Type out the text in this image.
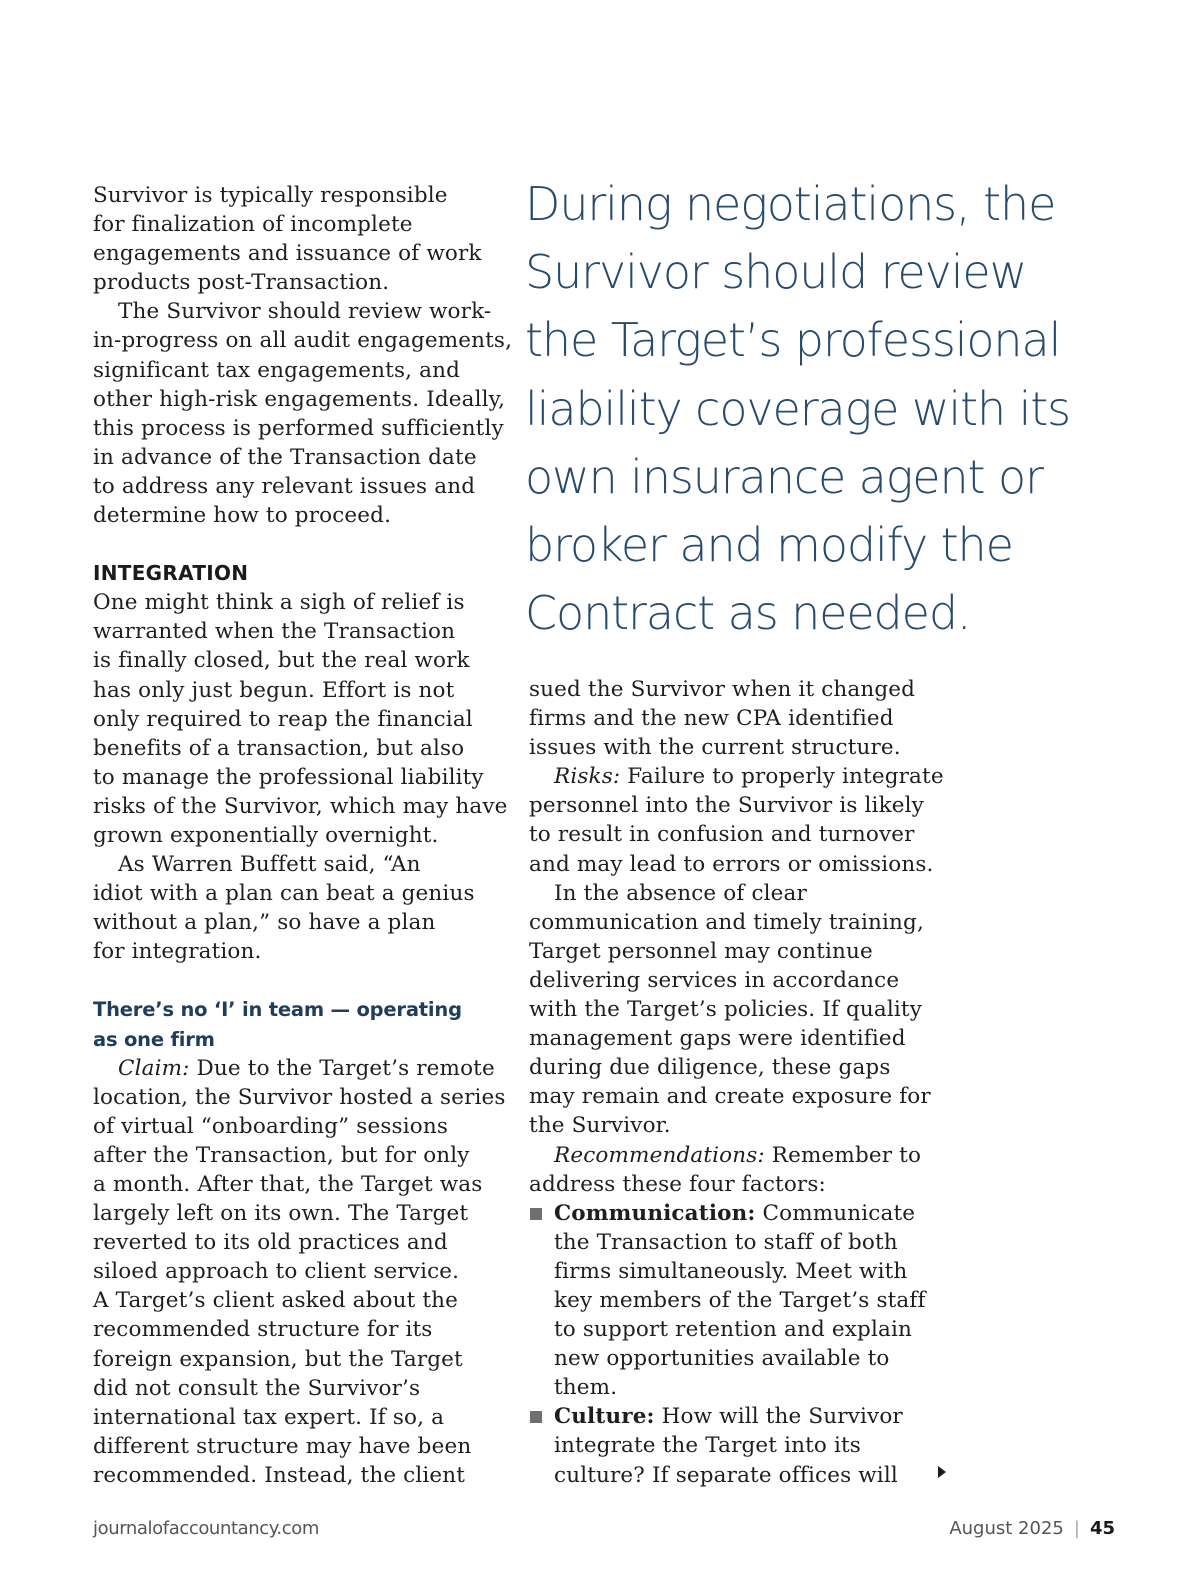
Survivor is typically responsible
for finalization of incomplete
engagements and issuance of work
products post-Transaction.
The Survivor should review work-
in-progress on all audit engagements,
significant tax engagements, and
other high-risk engagements. Ideally,
this process is performed sufficiently
in advance of the Transaction date
to address any relevant issues and
determine how to proceed.
INTEGRATION
One might think a sigh of relief is
warranted when the Transaction
is finally closed, but the real work
has only just begun. Effort is not
only required to reap the financial
benefits of a transaction, but also
to manage the professional liability
risks of the Survivor, which may have
grown exponentially overnight.
As Warren Buffett said, “An
idiot with a plan can beat a genius
without a plan,” so have a plan
for integration.
There’s no ‘I’ in team — operating
as one firm
Claim: Due to the Target’s remote
location, the Survivor hosted a series
of virtual “onboarding” sessions
after the Transaction, but for only
a month. After that, the Target was
largely left on its own. The Target
reverted to its old practices and
siloed approach to client service.
A Target’s client asked about the
recommended structure for its
foreign expansion, but the Target
did not consult the Survivor’s
international tax expert. If so, a
different structure may have been
recommended. Instead, the client
During negotiations, the
Survivor should review
the Target’s professional
liability coverage with its
own insurance agent or
broker and modify the
Contract as needed.
sued the Survivor when it changed
firms and the new CPA identified
issues with the current structure.
Risks: Failure to properly integrate
personnel into the Survivor is likely
to result in confusion and turnover
and may lead to errors or omissions.
In the absence of clear
communication and timely training,
Target personnel may continue
delivering services in accordance
with the Target’s policies. If quality
management gaps were identified
during due diligence, these gaps
may remain and create exposure for
the Survivor.
Recommendations: Remember to
address these four factors:
Communication: Communicate
the Transaction to staff of both
firms simultaneously. Meet with
key members of the Target’s staff
to support retention and explain
new opportunities available to
them.
Culture: How will the Survivor
integrate the Target into its
culture? If separate offices will
journalofaccountancy.com	August 2025 | 45
